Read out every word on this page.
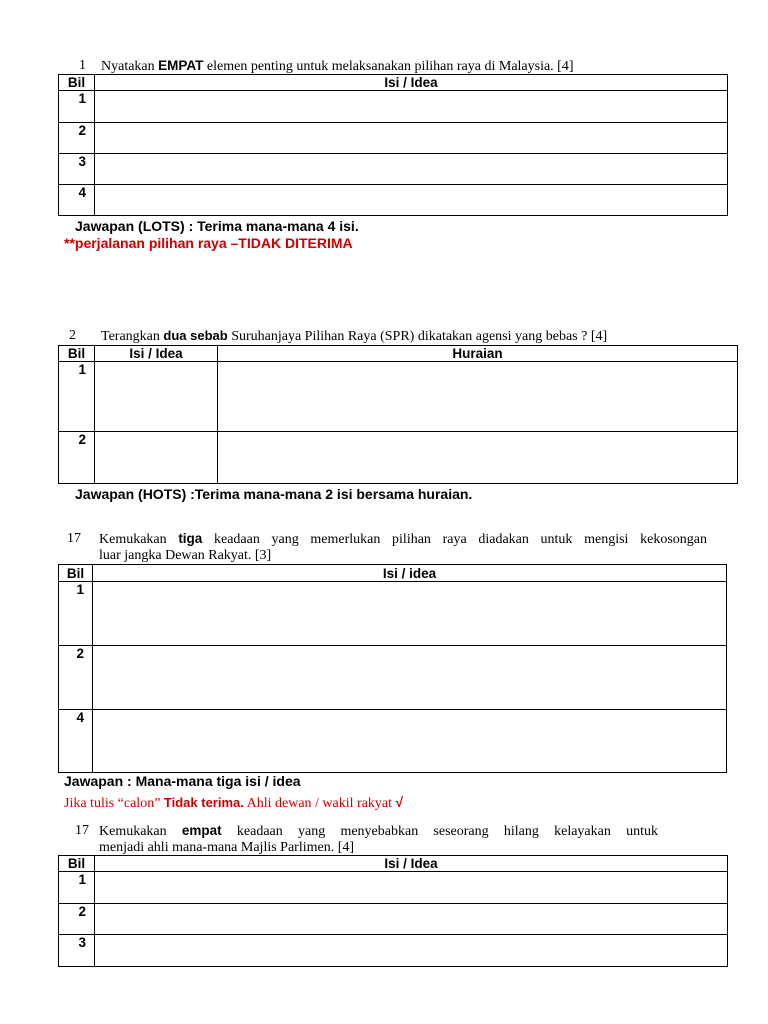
1 Nyatakan EMPAT elemen penting untuk melaksanakan pilihan raya di Malaysia. [4]
Bil	Isi / Idea
1	
2	
3	
4	
Jawapan (LOTS) : Terima mana-mana 4 isi.
**perjalanan pilihan raya –TIDAK DITERIMA
2 Terangkan dua sebab Suruhanjaya Pilihan Raya (SPR) dikatakan agensi yang bebas ? [4]
Bil	Isi / Idea	Huraian
1		
2		
Jawapan (HOTS) :Terima mana-mana 2 isi bersama huraian.
17 Kemukakan tiga keadaan yang memerlukan pilihan raya diadakan untuk mengisi kekosongan
luar jangka Dewan Rakyat. [3]
Bil	Isi / idea
1	
2	
4	
Jawapan : Mana-mana tiga isi / idea
Jika tulis “calon” Tidak terima. Ahli dewan / wakil rakyat √
17 Kemukakan empat keadaan yang menyebabkan seseorang hilang kelayakan untuk
menjadi ahli mana-mana Majlis Parlimen. [4]
Bil	Isi / Idea
1	
2	
3	
